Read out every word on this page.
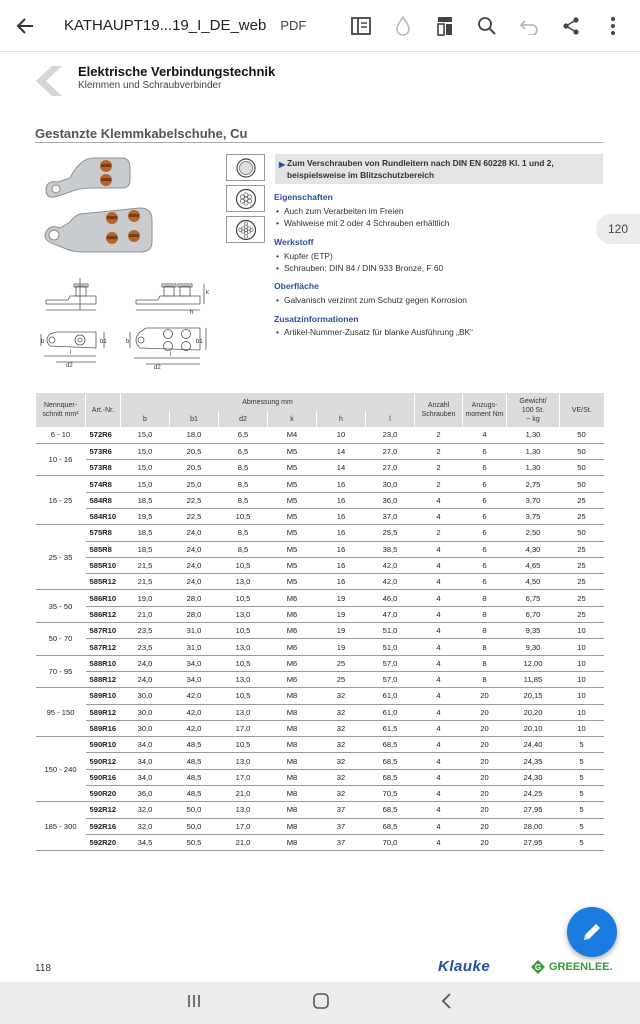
KATHAUPT19...19_I_DE_web PDF
Elektrische Verbindungstechnik
Klemmen und Schraubverbinder
Gestanzte Klemmkabelschuhe, Cu
b	b1
d2
l
k
h
b	b1
d2
l
▶ Zum Verschrauben von Rundleitern nach DIN EN 60228 Kl. 1 und 2,
beispielsweise im Blitzschutzbereich
Eigenschaften
• Auch zum Verarbeiten im Freien
• Wahlweise mit 2 oder 4 Schrauben erhältlich
Werkstoff
• Kupfer (ETP)
• Schrauben: DIN 84 / DIN 933 Bronze, F 60
Oberfläche
• Galvanisch verzinnt zum Schutz gegen Korrosion
Zusatzinformationen
• Artikel-Nummer-Zusatz für blanke Ausführung „BK“
120
Nennquer-
schnitt mm²	Art.-Nr.	Abmessung mm						Anzahl
Schrauben	Anzugs-
moment Nm	Gewicht/
100 St.
~ kg	VE/St.
		b	b1	d2	k	h	l				
6 - 10	572R6	15,0	18,0	6,5	M4	10	23,0	2	4	1,30	50
10 - 16	573R6	15,0	20,5	6,5	M5	14	27,0	2	6	1,30	50
	573R8	15,0	20,5	8,5	M5	14	27,0	2	6	1,30	50
16 - 25	574R8	15,0	25,0	8,5	M5	16	30,0	2	6	2,75	50
	584R8	18,5	22,5	8,5	M5	16	36,0	4	6	3,70	25
	584R10	19,5	22,5	10,5	M5	16	37,0	4	6	3,75	25
25 - 35	575R8	18,5	24,0	8,5	M5	16	25,5	2	6	2,50	50
	585R8	18,5	24,0	8,5	M5	16	38,5	4	6	4,30	25
	585R10	21,5	24,0	10,5	M5	16	42,0	4	6	4,65	25
	585R12	21,5	24,0	13,0	M5	16	42,0	4	6	4,50	25
35 - 50	586R10	19,0	28,0	10,5	M6	19	46,0	4	8	6,75	25
	586R12	21,0	28,0	13,0	M6	19	47,0	4	8	6,70	25
50 - 70	587R10	23,5	31,0	10,5	M6	19	51,0	4	8	9,35	10
	587R12	23,5	31,0	13,0	M6	19	51,0	4	8	9,30	10
70 - 95	588R10	24,0	34,0	10,5	M6	25	57,0	4	8	12,00	10
	588R12	24,0	34,0	13,0	M6	25	57,0	4	8	11,85	10
95 - 150	589R10	30,0	42,0	10,5	M8	32	61,0	4	20	20,15	10
	589R12	30,0	42,0	13,0	M8	32	61,0	4	20	20,20	10
	589R16	30,0	42,0	17,0	M8	32	61,5	4	20	20,10	10
150 - 240	590R10	34,0	48,5	10,5	M8	32	68,5	4	20	24,40	5
	590R12	34,0	48,5	13,0	M8	32	68,5	4	20	24,35	5
	590R16	34,0	48,5	17,0	M8	32	68,5	4	20	24,30	5
	590R20	36,0	48,5	21,0	M8	32	70,5	4	20	24,25	5
185 - 300	592R12	32,0	50,0	13,0	M8	37	68,5	4	20	27,95	5
	592R16	32,0	50,0	17,0	M8	37	68,5	4	20	28,00	5
	592R20	34,5	50,5	21,0	M8	37	70,0	4	20	27,95	5
118	Klauke	G GREENLEE.
